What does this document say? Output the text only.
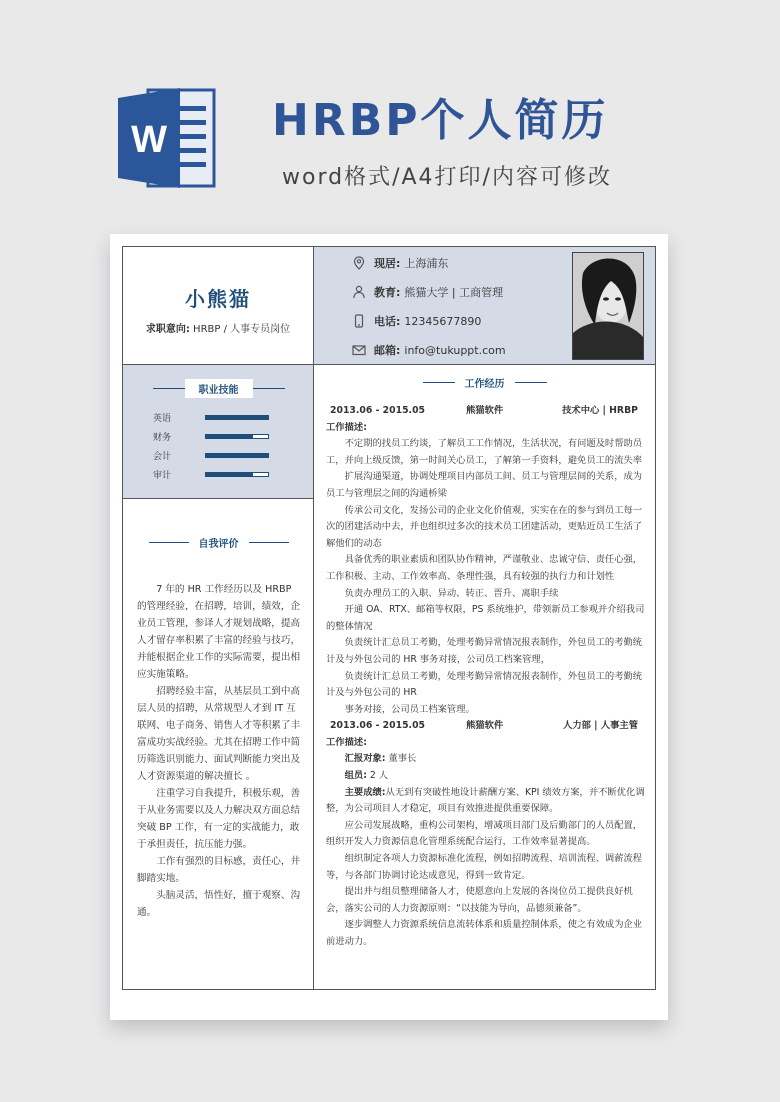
W HRBP个人简历
word格式/A4打印/内容可修改
小熊猫
求职意向: HRBP / 人事专员岗位
现居: 上海浦东
教育: 熊猫大学 | 工商管理
电话: 12345677890
邮箱: info@tukuppt.com
职业技能
英语
财务
会计
审计
自我评价

7 年的 HR 工作经历以及 HRBP 的管理经验，在招聘，培训，绩效，企业员工管理，参译人才规划战略，提高人才留存率积累了丰富的经验与技巧，并能根据企业工作的实际需要，提出相应实施策略。

招聘经验丰富，从基层员工到中高层人员的招聘，从常规型人才到 IT 互联网、电子商务、销售人才等积累了丰富成功实战经验。尤其在招聘工作中简历筛选识别能力、面试判断能力突出及人才资源渠道的解决擅长 。

注重学习自我提升，积极乐观，善于从业务需要以及人力解决双方面总结突破 BP 工作，有一定的实战能力，敢于承担责任，抗压能力强。

工作有强烈的目标感，责任心，井脚踏实地。

头脑灵活，悟性好，擅于观察、沟通。

工作经历
2013.06 - 2015.05	熊猫软件	技术中心 | HRBP
工作描述:

不定期的找员工约谈，了解员工工作情况，生活状况，有问题及时帮助员工，并向上级反馈，第一时间关心员工，了解第一手资料，避免员工的流失率

扩展沟通渠道，协调处理项目内部员工间、员工与管理层间的关系，成为员工与管理层之间的沟通桥梁

传承公司文化，发扬公司的企业文化价值观，实实在在的参与到员工每一次的团建活动中去，并也组织过多次的技术员工团建活动，更贴近员工生活了解他们的动态

具备优秀的职业素质和团队协作精神，严谨敬业、忠诚守信、责任心强，工作积极、主动、工作效率高、条理性强，具有较强的执行力和计划性

负责办理员工的入职、异动、转正、晋升、离职手续

开通 OA、RTX、邮箱等权限，PS 系统维护，带领新员工参观并介绍我司的整体情况

负责统计汇总员工考勤，处理考勤异常情况报表制作，外包员工的考勤统计及与外包公司的 HR 事务对接，公司员工档案管理，

负责统计汇总员工考勤，处理考勤异常情况报表制作，外包员工的考勤统计及与外包公司的 HR

事务对接，公司员工档案管理。

2013.06 - 2015.05	熊猫软件	人力部 | 人事主管
工作描述:

汇报对象: 董事长

组员: 2 人

主要成绩:从无到有突破性地设计薪酬方案、KPI 绩效方案，并不断优化调整，为公司项目人才稳定，项目有效推进提供重要保障。

应公司发展战略，重构公司架构，增减项目部门及后勤部门的人员配置，组织开发人力资源信息化管理系统配合运行，工作效率显著提高。

组织制定各项人力资源标准化流程，例如招聘流程、培训流程、调薪流程等，与各部门协调讨论达成意见，得到一致肯定。

提出并与组员整理储备人才，使愿意向上发展的各岗位员工提供良好机会，落实公司的人力资源原则：“以技能为导向，品德须兼备”。

逐步调整人力资源系统信息流转体系和质量控制体系，使之有效成为企业前进动力。
